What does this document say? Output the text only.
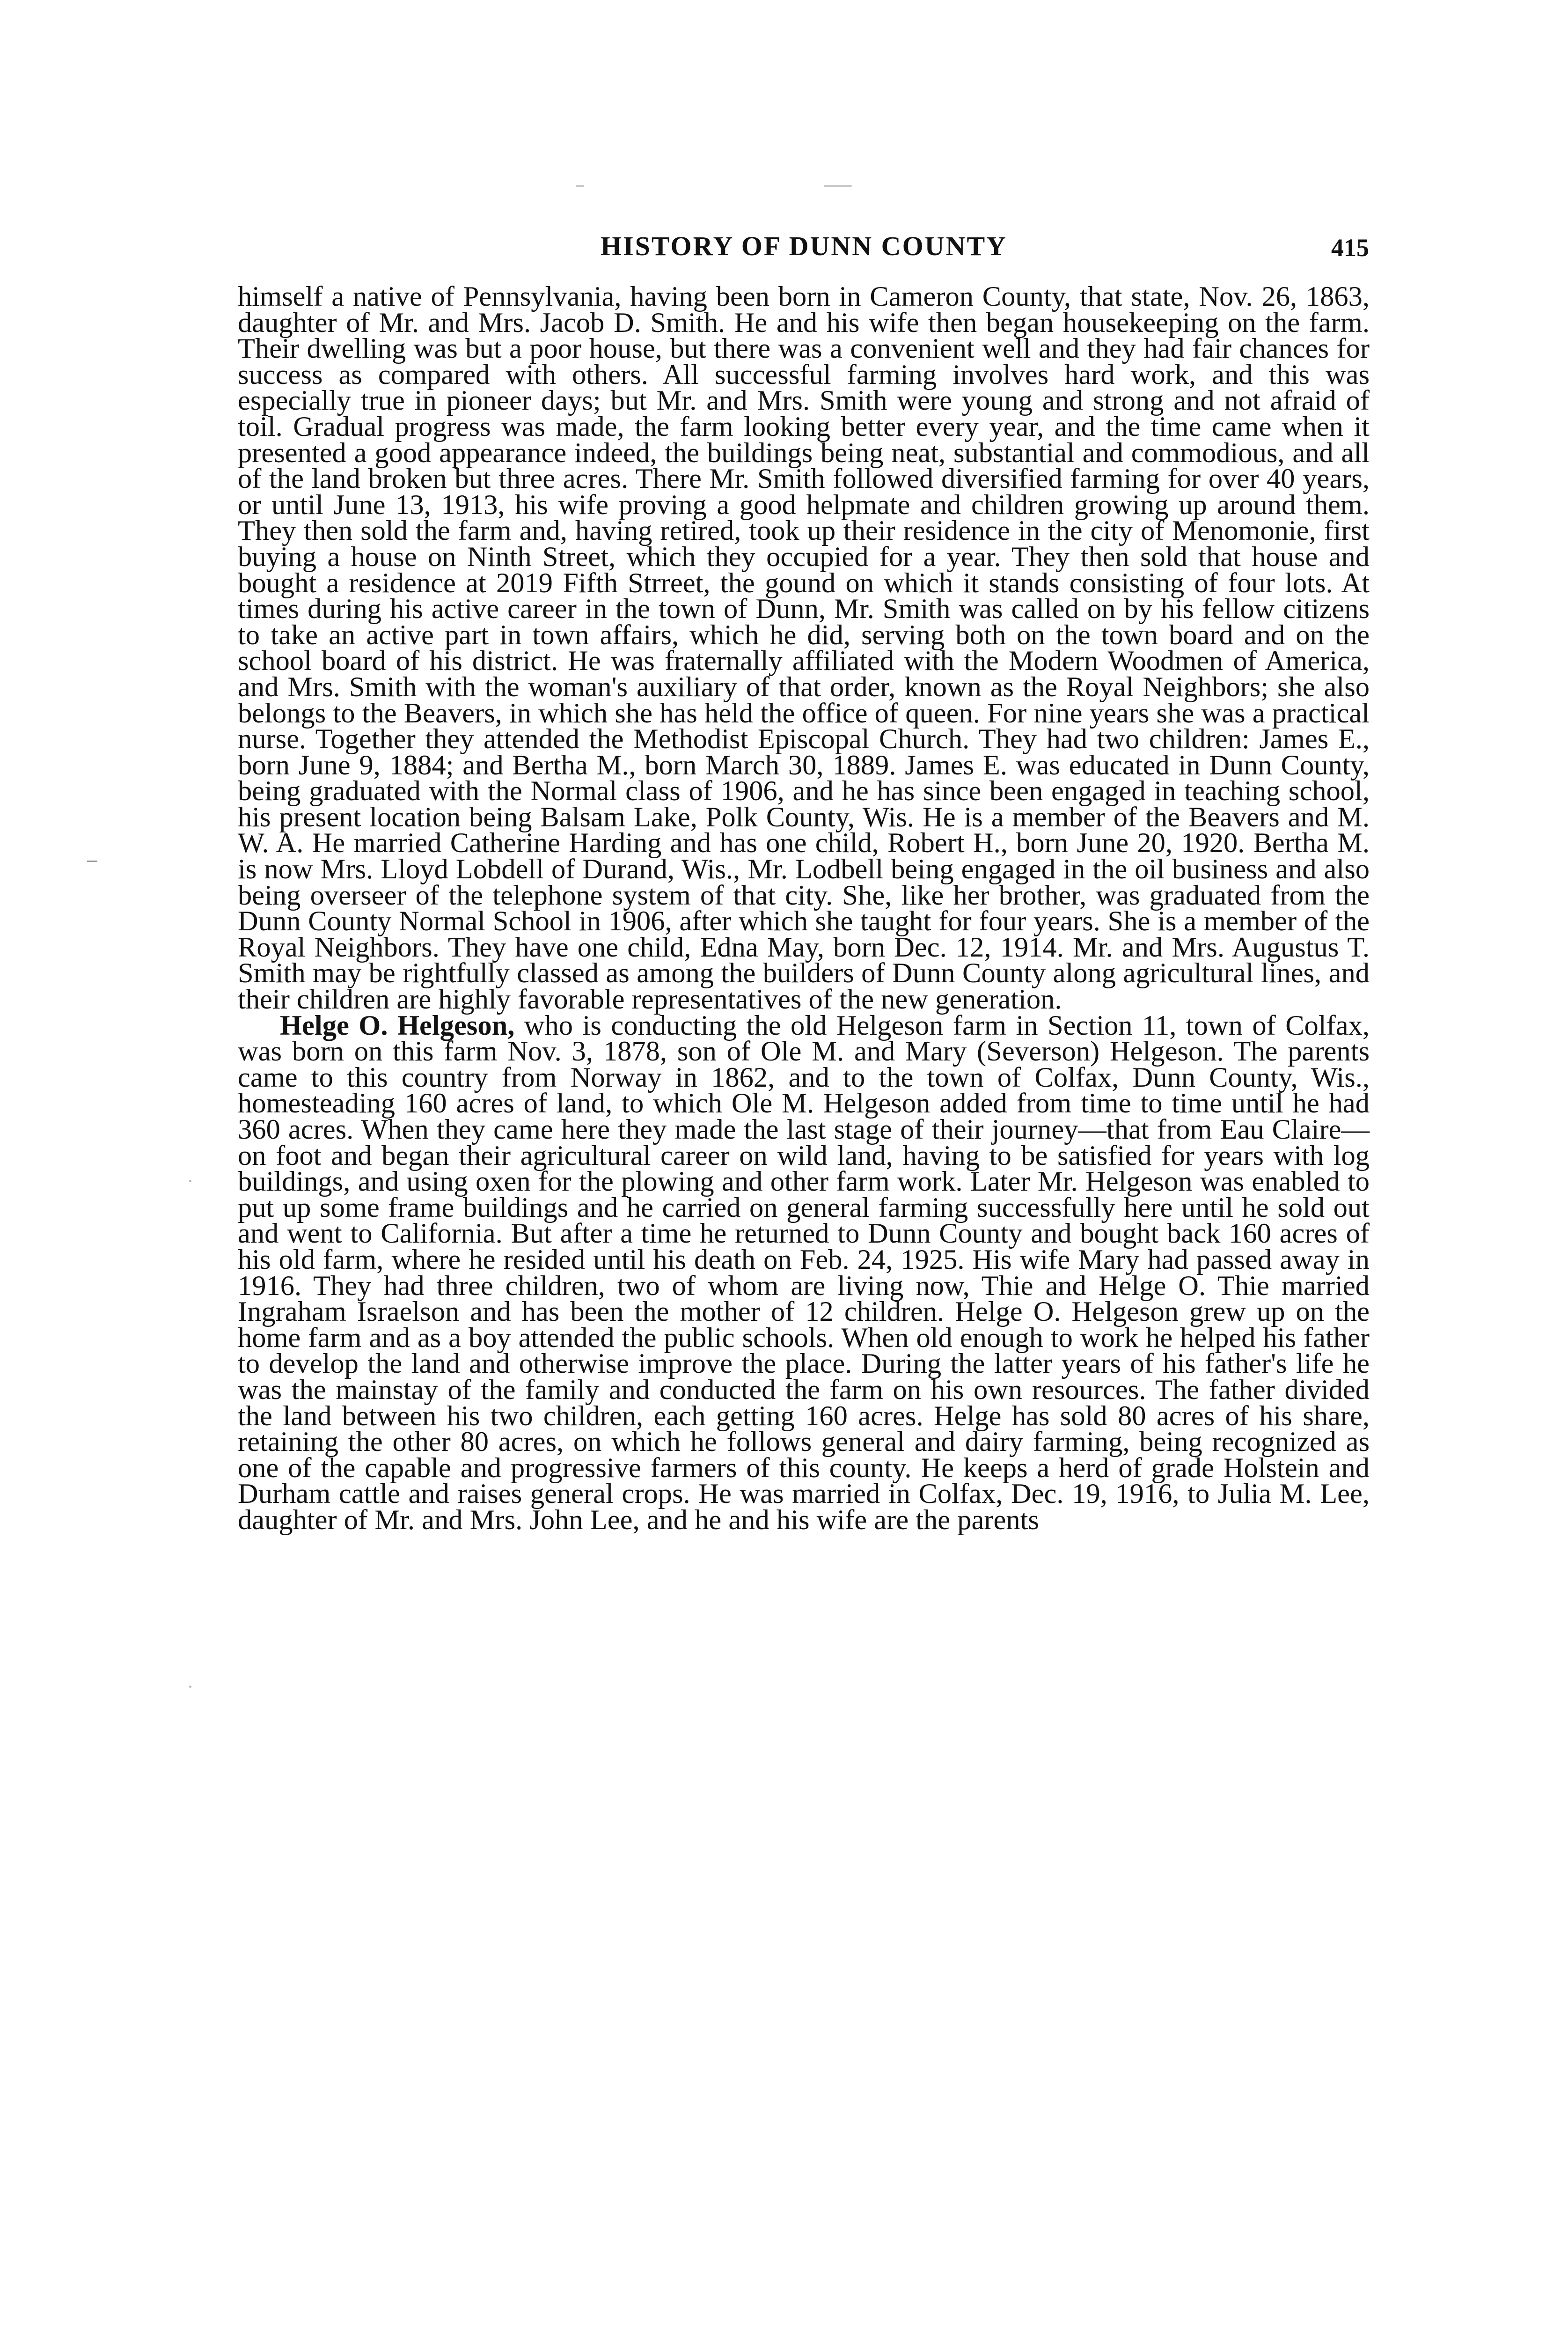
HISTORY OF DUNN COUNTY	415

himself a native of Pennsylvania, having been born in Cameron County, that state, Nov. 26, 1863, daughter of Mr. and Mrs. Jacob D. Smith. He and his wife then began housekeeping on the farm. Their dwelling was but a poor house, but there was a convenient well and they had fair chances for success as compared with others. All successful farming involves hard work, and this was especially true in pioneer days; but Mr. and Mrs. Smith were young and strong and not afraid of toil. Gradual progress was made, the farm looking better every year, and the time came when it presented a good appearance indeed, the buildings being neat, substantial and commodious, and all of the land broken but three acres. There Mr. Smith followed diversified farming for over 40 years, or until June 13, 1913, his wife proving a good helpmate and children growing up around them. They then sold the farm and, having retired, took up their residence in the city of Menomonie, first buying a house on Ninth Street, which they occupied for a year. They then sold that house and bought a residence at 2019 Fifth Strreet, the gound on which it stands consisting of four lots. At times during his active career in the town of Dunn, Mr. Smith was called on by his fellow citizens to take an active part in town affairs, which he did, serving both on the town board and on the school board of his district. He was fraternally affiliated with the Modern Woodmen of America, and Mrs. Smith with the woman's auxiliary of that order, known as the Royal Neighbors; she also belongs to the Beavers, in which she has held the office of queen. For nine years she was a practical nurse. Together they attended the Methodist Episcopal Church. They had two children: James E., born June 9, 1884; and Bertha M., born March 30, 1889. James E. was educated in Dunn County, being graduated with the Normal class of 1906, and he has since been engaged in teaching school, his present location being Balsam Lake, Polk County, Wis. He is a member of the Beavers and M. W. A. He married Catherine Harding and has one child, Robert H., born June 20, 1920. Bertha M. is now Mrs. Lloyd Lobdell of Durand, Wis., Mr. Lodbell being engaged in the oil business and also being overseer of the telephone system of that city. She, like her brother, was graduated from the Dunn County Normal School in 1906, after which she taught for four years. She is a member of the Royal Neighbors. They have one child, Edna May, born Dec. 12, 1914. Mr. and Mrs. Augustus T. Smith may be rightfully classed as among the builders of Dunn County along agricultural lines, and their children are highly favorable representatives of the new generation.

Helge O. Helgeson, who is conducting the old Helgeson farm in Section 11, town of Colfax, was born on this farm Nov. 3, 1878, son of Ole M. and Mary (Severson) Helgeson. The parents came to this country from Norway in 1862, and to the town of Colfax, Dunn County, Wis., homesteading 160 acres of land, to which Ole M. Helgeson added from time to time until he had 360 acres. When they came here they made the last stage of their journey—that from Eau Claire—on foot and began their agricultural career on wild land, having to be satisfied for years with log buildings, and using oxen for the plowing and other farm work. Later Mr. Helgeson was enabled to put up some frame buildings and he carried on general farming successfully here until he sold out and went to California. But after a time he returned to Dunn County and bought back 160 acres of his old farm, where he resided until his death on Feb. 24, 1925. His wife Mary had passed away in 1916. They had three children, two of whom are living now, Thie and Helge O. Thie married Ingraham Israelson and has been the mother of 12 children. Helge O. Helgeson grew up on the home farm and as a boy attended the public schools. When old enough to work he helped his father to develop the land and otherwise improve the place. During the latter years of his father's life he was the mainstay of the family and conducted the farm on his own resources. The father divided the land between his two children, each getting 160 acres. Helge has sold 80 acres of his share, retaining the other 80 acres, on which he follows general and dairy farming, being recognized as one of the capable and progressive farmers of this county. He keeps a herd of grade Holstein and Durham cattle and raises general crops. He was married in Colfax, Dec. 19, 1916, to Julia M. Lee, daughter of Mr. and Mrs. John Lee, and he and his wife are the parents
